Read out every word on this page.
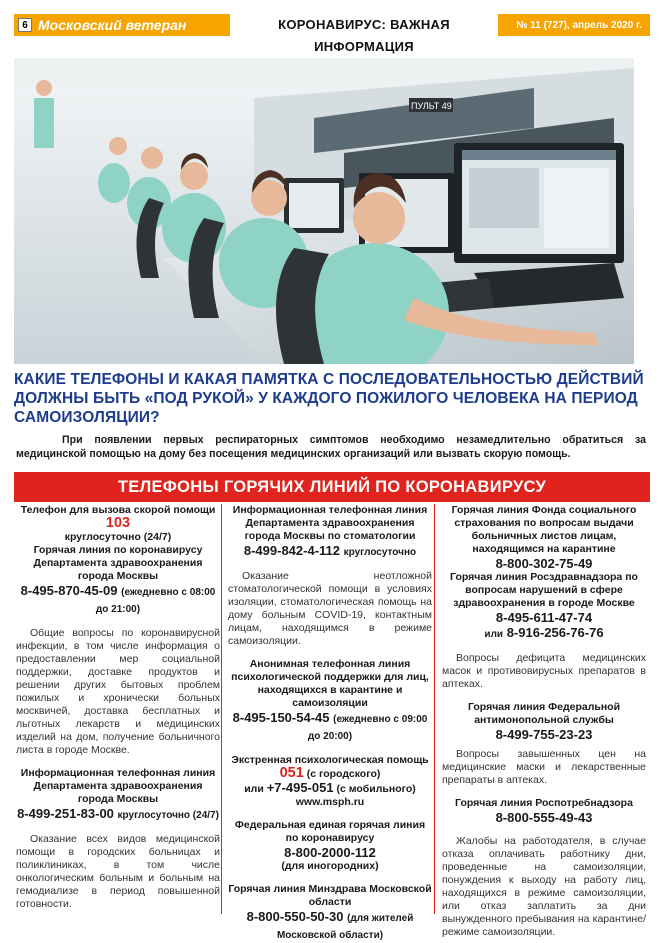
6 Московский ветеран	КОРОНАВИРУС: ВАЖНАЯ ИНФОРМАЦИЯ
№ 11 (727), апрель 2020 г.
ПУЛЬТ 49
КАКИЕ ТЕЛЕФОНЫ И КАКАЯ ПАМЯТКА С ПОСЛЕДОВАТЕЛЬНОСТЬЮ ДЕЙСТВИЙ ДОЛЖНЫ БЫТЬ «ПОД РУКОЙ» У КАЖДОГО ПОЖИЛОГО ЧЕЛОВЕКА НА ПЕРИОД САМОИЗОЛЯЦИИ?

При появлении первых респираторных симптомов необходимо незамедлительно обратиться за медицинской помощью на дому без посещения медицинских организаций или вызвать скорую помощь.

ТЕЛЕФОНЫ ГОРЯЧИХ ЛИНИЙ ПО КОРОНАВИРУСУ

Телефон для вызова скорой помощи

103

круглосуточно (24/7)

Горячая линия по коронавирусу Департамента здравоохранения города Москвы

8-495-870-45-09 (ежедневно с 08:00 до 21:00)

Общие вопросы по коронавирусной инфекции, в том числе информация о предоставлении мер социальной поддержки, доставке продуктов и решении других бытовых проблем пожилых и хронически больных москвичей, доставка бесплатных и льготных лекарств и медицинских изделий на дом, получение больничного листа в городе Москве.

Информационная телефонная линия Департамента здравоохранения города Москвы

8-499-251-83-00 круглосуточно (24/7)

Оказание всех видов медицинской помощи в городских больницах и поликлиниках, в том числе онкологическим больным и больным на гемодиализе в период повышенной готовности.

Информационная телефонная линия Департамента здравоохранения города Москвы по стоматологии

8-499-842-4-112 круглосуточно

Оказание неотложной стоматологической помощи в условиях изоляции, стоматологическая помощь на дому больным COVID-19, контактным лицам, находящимся в режиме самоизоляции.

Анонимная телефонная линия психологической поддержки для лиц, находящихся в карантине и самоизоляции

8-495-150-54-45 (ежедневно с 09:00 до 20:00)

Экстренная психологическая помощь

051 (с городского)

или +7-495-051 (с мобильного)

www.msph.ru

Федеральная единая горячая линия по коронавирусу

8-800-2000-112

(для иногородних)

Горячая линия Минздрава Московской области

8-800-550-50-30 (для жителей Московской области)

Горячая линия Фонда социального страхования по вопросам выдачи больничных листов лицам, находящимся на карантине

8-800-302-75-49

Горячая линия Росздравнадзора по вопросам нарушений в сфере здравоохранения в городе Москве

8-495-611-47-74

или 8-916-256-76-76

Вопросы дефицита медицинских масок и противовирусных препаратов в аптеках.

Горячая линия Федеральной антимонопольной службы

8-499-755-23-23

Вопросы завышенных цен на медицинские маски и лекарственные препараты в аптеках.

Горячая линия Роспотребнадзора

8-800-555-49-43

Жалобы на работодателя, в случае отказа оплачивать работнику дни, проведенные на самоизоляции, понуждения к выходу на работу лиц, находящихся в режиме самоизоляции, или отказ заплатить за дни вынужденного пребывания на карантине/режиме самоизоляции.
